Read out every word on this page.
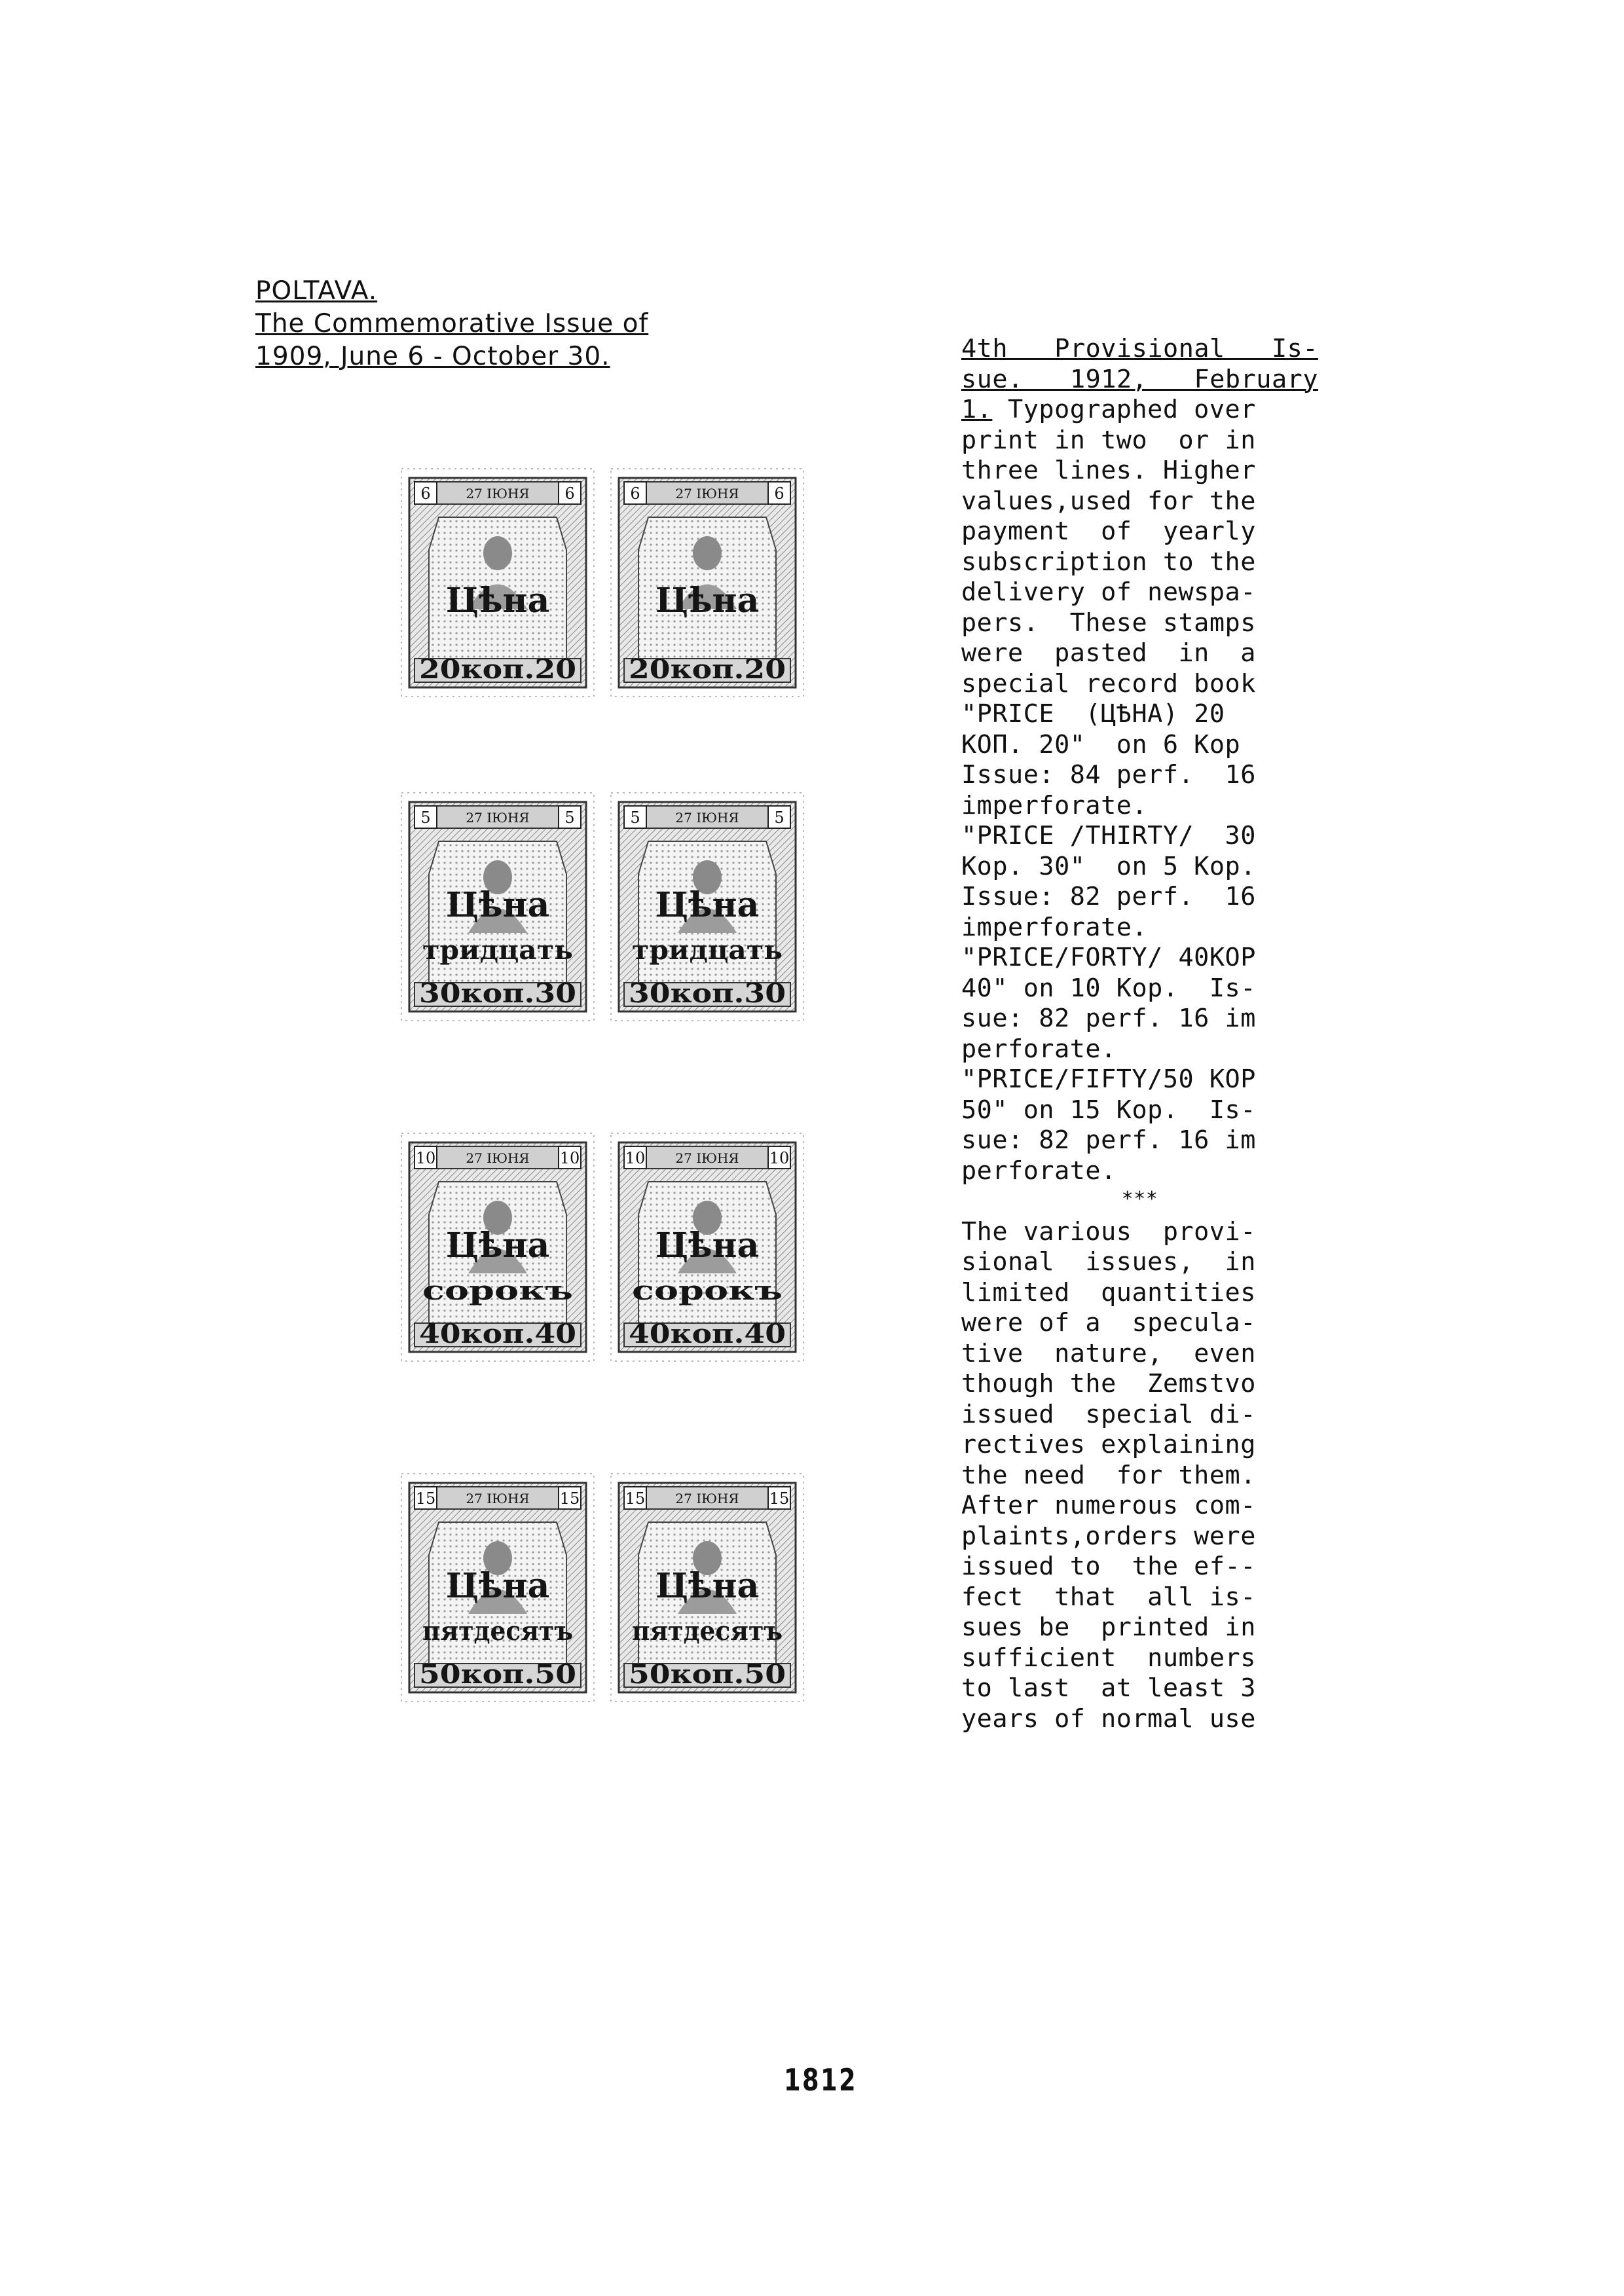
POLTAVA.
The Commemorative Issue of
1909, June 6 - October 30.
6	6
27 ІЮНЯ
Цѣна
20коп.20
6	6
27 ІЮНЯ
Цѣна
20коп.20
5	5
27 ІЮНЯ
Цѣна
тридцать
30коп.30
5	5
27 ІЮНЯ
Цѣна
тридцать
30коп.30
10	10
27 ІЮНЯ
Цѣна
сорокъ
40коп.40
10	10
27 ІЮНЯ
Цѣна
сорокъ
40коп.40
15	15
27 ІЮНЯ
Цѣна
пятдесятъ
50коп.50
15	15
27 ІЮНЯ
Цѣна
пятдесятъ
50коп.50
4th Provisional Is-
sue. 1912, February
1. Typographed over
print in two  or in
three lines. Higher
values,used for the
payment  of  yearly
subscription to the
delivery of newspa-
pers.  These stamps
were  pasted  in  a
special record book
"PRICE  (ЦѢНА) 20
КОП. 20"  on 6 Kop
Issue: 84 perf.  16
imperforate.
"PRICE /THIRTY/  30
Kop. 30"  on 5 Kop.
Issue: 82 perf.  16
imperforate.
"PRICE/FORTY/ 40KOP
40" on 10 Kop.  Is-
sue: 82 perf. 16 im
perforate.
"PRICE/FIFTY/50 KOP
50" on 15 Kop.  Is-
sue: 82 perf. 16 im
perforate.
***
The various  provi-
sional  issues,  in
limited  quantities
were of a  specula-
tive  nature,  even
though the  Zemstvo
issued  special di-
rectives explaining
the need  for them.
After numerous com-
plaints,orders were
issued to  the ef--
fect  that  all is-
sues be  printed in
sufficient  numbers
to last  at least 3
years of normal use
1812
